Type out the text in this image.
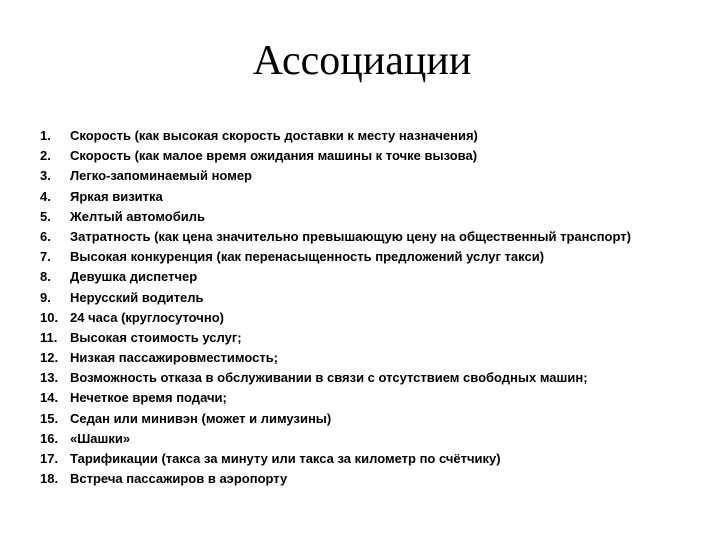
Ассоциации
1.	Скорость (как высокая скорость доставки к месту назначения)
2.	Скорость (как малое время ожидания машины к точке вызова)
3.	Легко-запоминаемый номер
4.	Яркая визитка
5.	Желтый автомобиль
6.	Затратность (как цена значительно превышающую цену на общественный транспорт)
7.	Высокая конкуренция (как перенасыщенность предложений услуг такси)
8.	Девушка диспетчер
9.	Нерусский водитель
10. 24 часа (круглосуточно)
11. Высокая стоимость услуг;
12. Низкая пассажировместимость;
13. Возможность отказа в обслуживании в связи с отсутствием свободных машин;
14. Нечеткое время подачи;
15. Седан или минивэн (может и лимузины)
16. «Шашки»
17. Тарификации (такса за минуту или такса за километр по счётчику)
18. Встреча пассажиров в аэропорту
